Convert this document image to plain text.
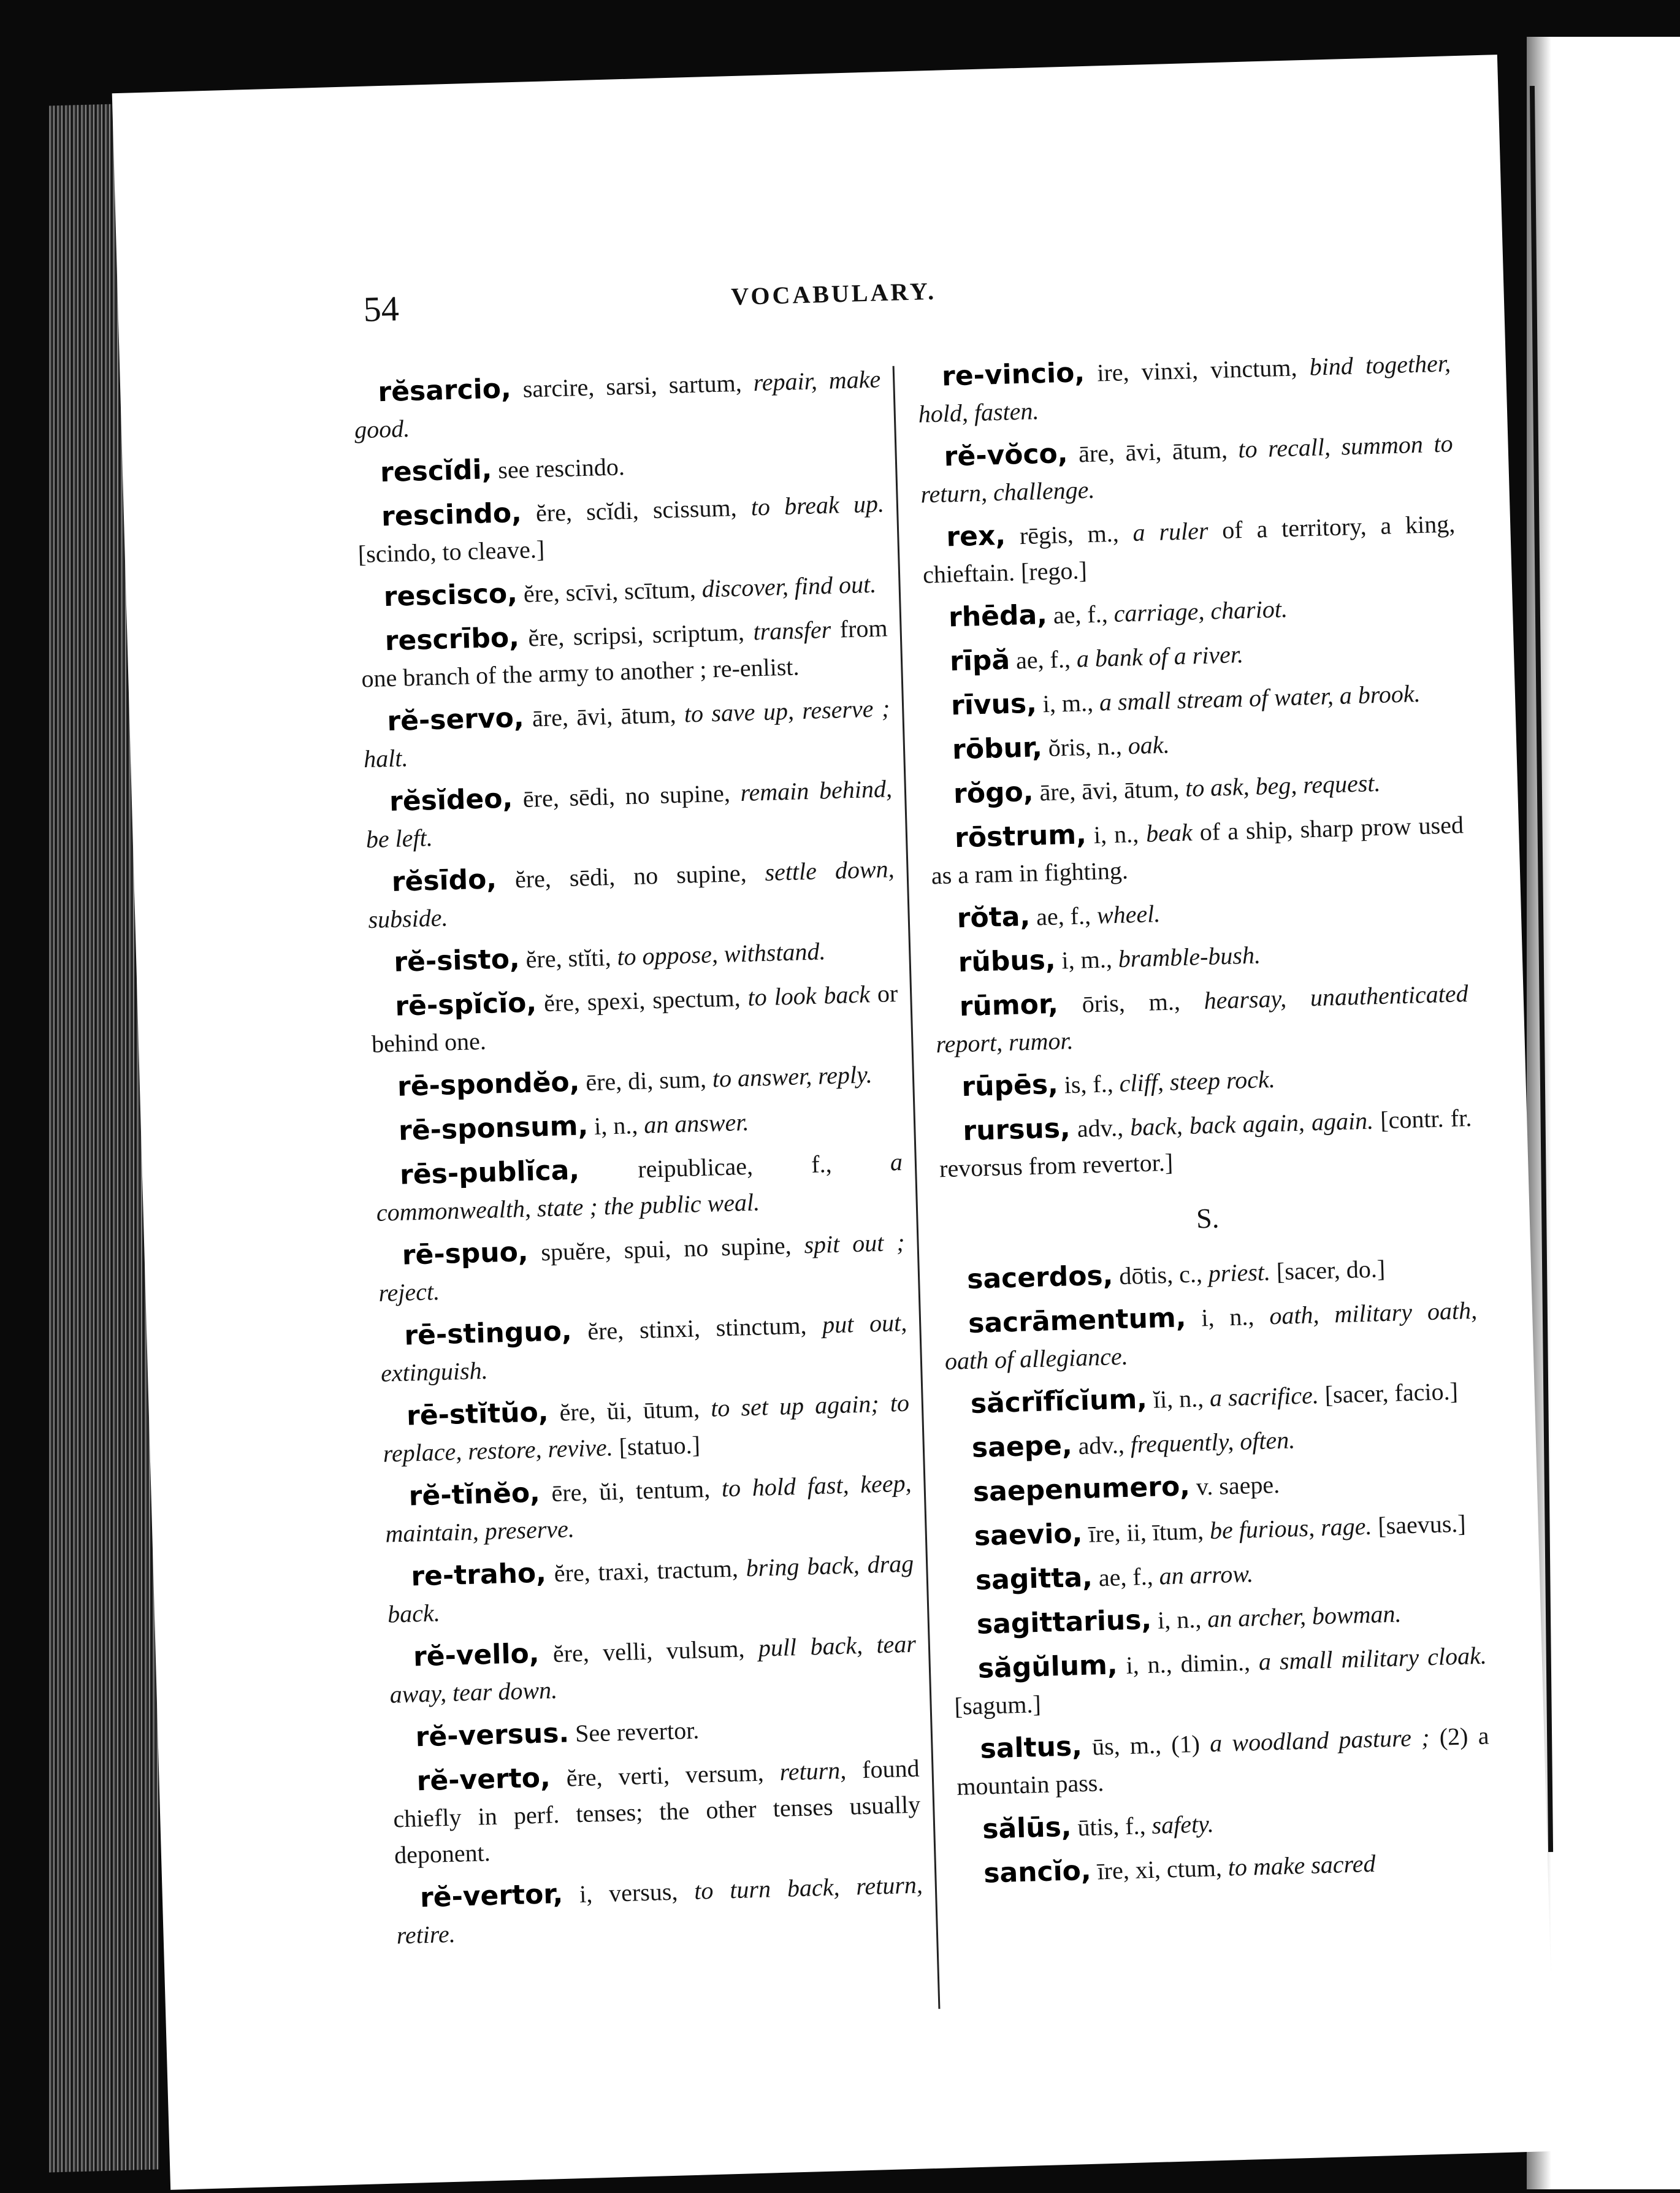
54	VOCABULARY.

rĕsarcio, sarcire, sarsi, sartum, repair, make good.

rescĭdi, see rescindo.

rescindo, ĕre, scĭdi, scissum, to break up. [scindo, to cleave.]

rescisco, ĕre, scīvi, scītum, discover, find out.

rescrībo, ĕre, scripsi, scriptum, transfer from one branch of the army to another ; re-enlist.

rĕ-servo, āre, āvi, ātum, to save up, reserve ; halt.

rĕsĭdeo, ēre, sēdi, no supine, remain behind, be left.

rĕsīdo, ĕre, sēdi, no supine, settle down, subside.

rĕ-sisto, ĕre, stĭti, to oppose, withstand.

rē-spĭcĭo, ĕre, spexi, spectum, to look back or behind one.

rē-spondĕo, ēre, di, sum, to answer, reply.

rē-sponsum, i, n., an answer.

rēs-publĭca, reipublicae, f., a commonwealth, state ; the public weal.

rē-spuo, spuĕre, spui, no supine, spit out ; reject.

rē-stinguo, ĕre, stinxi, stinctum, put out, extinguish.

rē-stĭtŭo, ĕre, ŭi, ūtum, to set up again; to replace, restore, revive. [statuo.]

rĕ-tĭnĕo, ēre, ŭi, tentum, to hold fast, keep, maintain, preserve.

re-traho, ĕre, traxi, tractum, bring back, drag back.

rĕ-vello, ĕre, velli, vulsum, pull back, tear away, tear down.

rĕ-versus. See revertor.

rĕ-verto, ĕre, verti, versum, return, found chiefly in perf. tenses; the other tenses usually deponent.

rĕ-vertor, i, versus, to turn back, return, retire.

re-vincio, ire, vinxi, vinctum, bind together, hold, fasten.

rĕ-vŏco, āre, āvi, ātum, to recall, summon to return, challenge.

rex, rēgis, m., a ruler of a territory, a king, chieftain. [rego.]

rhēda, ae, f., carriage, chariot.

rīpă ae, f., a bank of a river.

rīvus, i, m., a small stream of water, a brook.

rōbur, ŏris, n., oak.

rŏgo, āre, āvi, ātum, to ask, beg, request.

rōstrum, i, n., beak of a ship, sharp prow used as a ram in fighting.

rŏta, ae, f., wheel.

rŭbus, i, m., bramble-bush.

rūmor, ōris, m., hearsay, unauthenticated report, rumor.

rūpēs, is, f., cliff, steep rock.

rursus, adv., back, back again, again. [contr. fr. revorsus from revertor.]

S.

sacerdos, dōtis, c., priest. [sacer, do.]

sacrāmentum, i, n., oath, military oath, oath of allegiance.

săcrĭfĭcĭum, ĭi, n., a sacrifice. [sacer, facio.]

saepe, adv., frequently, often.

saepenumero, v. saepe.

saevio, īre, ii, ītum, be furious, rage. [saevus.]

sagitta, ae, f., an arrow.

sagittarius, i, n., an archer, bowman.

săgŭlum, i, n., dimin., a small military cloak. [sagum.]

saltus, ūs, m., (1) a woodland pasture ; (2) a mountain pass.

sălūs, ūtis, f., safety.

sancĭo, īre, xi, ctum, to make sacred
